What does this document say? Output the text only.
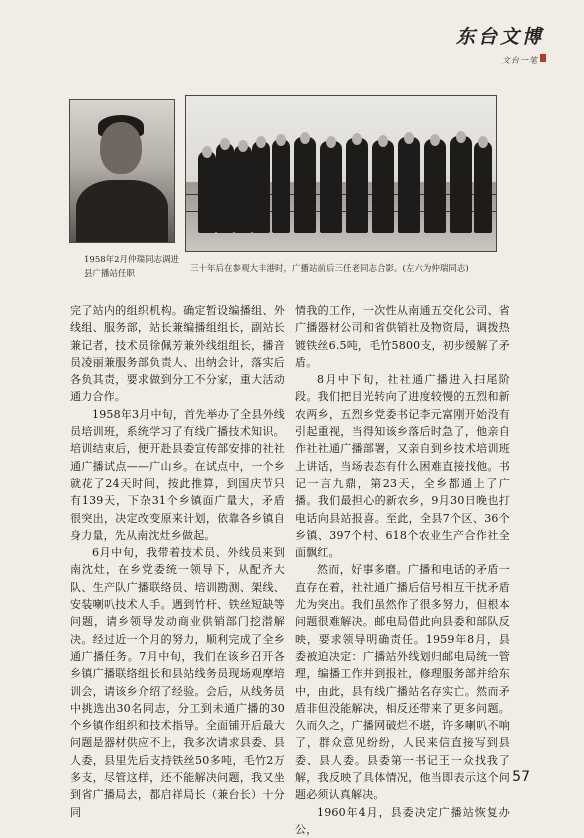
东台文博
文台一笔
1958年2月仲瑞同志调进县广播站任职	三十年后在参观大丰港时，广播站前后三任老同志合影。(左六为仲瑞同志)

完了站内的组织机构。确定暂设编播组、外线组、服务部，站长兼编播组组长，副站长兼记者，技术员徐佩芳兼外线组组长，播音员凌丽兼服务部负责人、出纳会计，落实后各负其责，要求做到分工不分家，重大活动通力合作。

1958年3月中旬，首先举办了全县外线员培训班，系统学习了有线广播技术知识。培训结束后，便开赴县委宣传部安排的社社通广播试点——广山乡。在试点中，一个乡就花了24天时间，按此推算，到国庆节只有139天，下杂31个乡镇面广量大，矛盾很突出，决定改变原来计划，依靠各乡镇自身力量，先从南沈灶乡做起。

6月中旬，我带着技术员、外线员来到南沈灶，在乡党委统一领导下，从配齐大队、生产队广播联络员、培训勘测、架线、安装喇叭技术人手。遇到竹杆、铁丝短缺等问题，请乡领导发动商业供销部门挖潜解决。经过近一个月的努力，顺利完成了全乡通广播任务。7月中旬，我们在该乡召开各乡镇广播联络组长和县站线务员现场观摩培训会，请该乡介绍了经验。会后，从线务员中挑选出30名同志，分工到未通广播的30个乡镇作组织和技术指导。全面铺开后最大问题是器材供应不上，我多次请求县委、县人委，县里先后支持铁丝50多吨，毛竹2万多支，尽管这样，还不能解决问题，我又坐到省广播局去，都启祥局长（兼台长）十分同

情我的工作，一次性从南通五交化公司、省广播器材公司和省供销社及物资局，调拨热镀铁丝6.5吨，毛竹5800支，初步缓解了矛盾。

8月中下旬，社社通广播进入扫尾阶段。我们把目光转向了进度较慢的五烈和新农两乡，五烈乡党委书记李元富刚开始没有引起重视，当得知该乡落后时急了，他亲自作社社通广播部署，又亲自到乡技术培训班上讲话，当场表态有什么困难直接找他。书记一言九鼎，第23天，全乡都通上了广播。我们最担心的新农乡，9月30日晚也打电话向县站报喜。至此，全县7个区、36个乡镇、397个村、618个农业生产合作社全面飘红。

然而，好事多磨。广播和电话的矛盾一直存在着，社社通广播后信号相互干扰矛盾尤为突出。我们虽然作了很多努力，但根本问题很难解决。邮电局借此向县委和部队反映，要求领导明确责任。1959年8月，县委被迫决定：广播站外线划归邮电局统一管理，编播工作并到报社，修理服务部并给东中，由此，县有线广播站名存实亡。然而矛盾非但没能解决，相反还带来了更多问题。久而久之，广播网破烂不堪，许多喇叭不响了，群众意见纷纷，人民来信直接写到县委、县人委。县委第一书记王一众找我了解，我反映了具体情况，他当即表示这个问题必须认真解决。

1960年4月，县委决定广播站恢复办公，

57
